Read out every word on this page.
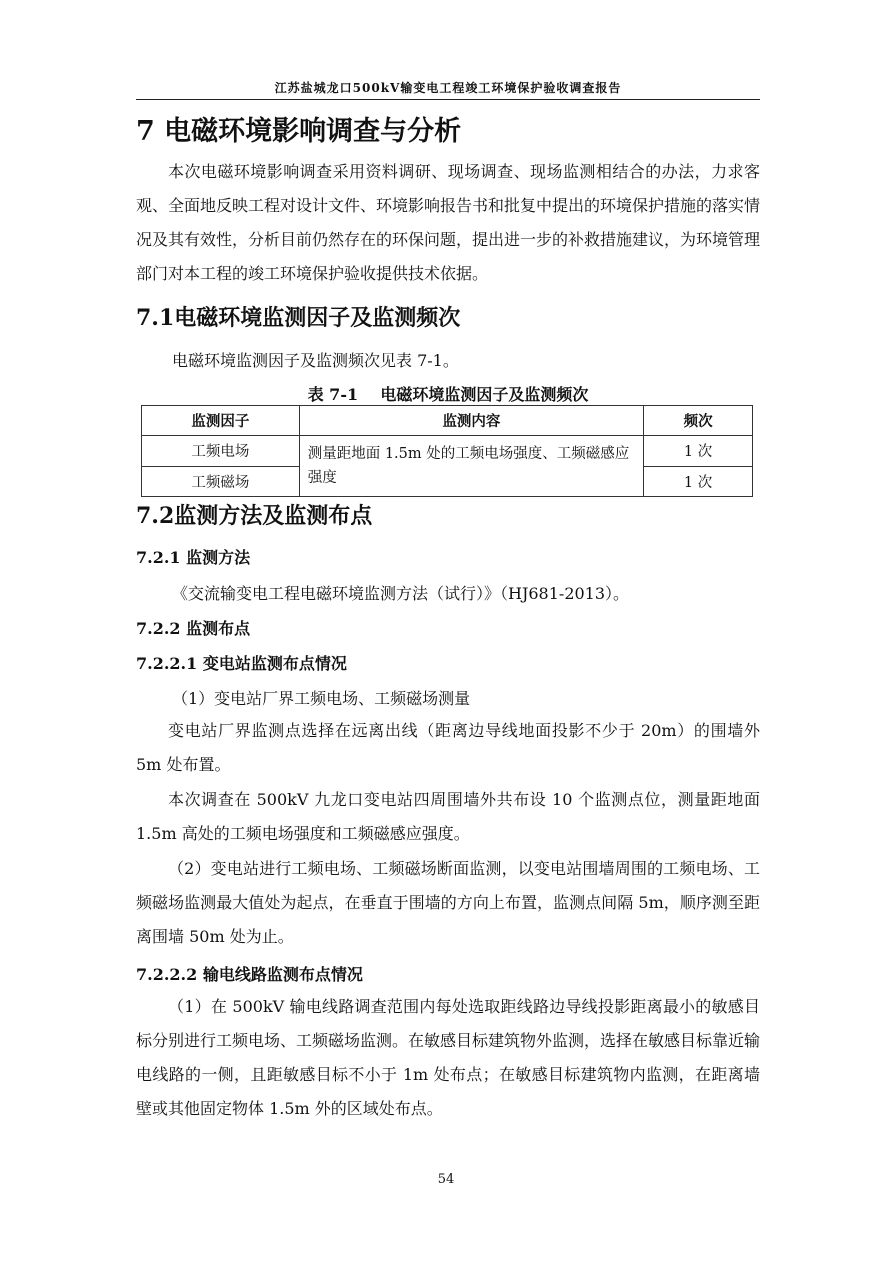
江苏盐城龙口500kV输变电工程竣工环境保护验收调查报告
7 电磁环境影响调查与分析
本次电磁环境影响调查采用资料调研、现场调查、现场监测相结合的办法，力求客观、全面地反映工程对设计文件、环境影响报告书和批复中提出的环境保护措施的落实情况及其有效性，分析目前仍然存在的环保问题，提出进一步的补救措施建议，为环境管理部门对本工程的竣工环境保护验收提供技术依据。
7.1电磁环境监测因子及监测频次
电磁环境监测因子及监测频次见表 7-1。
表 7-1    电磁环境监测因子及监测频次
监测因子	监测内容	频次
工频电场	测量距地面 1.5m 处的工频电场强度、工频磁感应强度	1 次
工频磁场		1 次
7.2监测方法及监测布点
7.2.1 监测方法
《交流输变电工程电磁环境监测方法（试行）》（HJ681-2013）。
7.2.2 监测布点
7.2.2.1 变电站监测布点情况
（1）变电站厂界工频电场、工频磁场测量
变电站厂界监测点选择在远离出线（距离边导线地面投影不少于 20m）的围墙外 5m 处布置。
本次调查在 500kV 九龙口变电站四周围墙外共布设 10 个监测点位，测量距地面 1.5m 高处的工频电场强度和工频磁感应强度。
（2）变电站进行工频电场、工频磁场断面监测，以变电站围墙周围的工频电场、工频磁场监测最大值处为起点，在垂直于围墙的方向上布置，监测点间隔 5m，顺序测至距离围墙 50m 处为止。
7.2.2.2 输电线路监测布点情况
（1）在 500kV 输电线路调查范围内每处选取距线路边导线投影距离最小的敏感目标分别进行工频电场、工频磁场监测。在敏感目标建筑物外监测，选择在敏感目标靠近输电线路的一侧，且距敏感目标不小于 1m 处布点；在敏感目标建筑物内监测，在距离墙壁或其他固定物体 1.5m 外的区域处布点。
54
